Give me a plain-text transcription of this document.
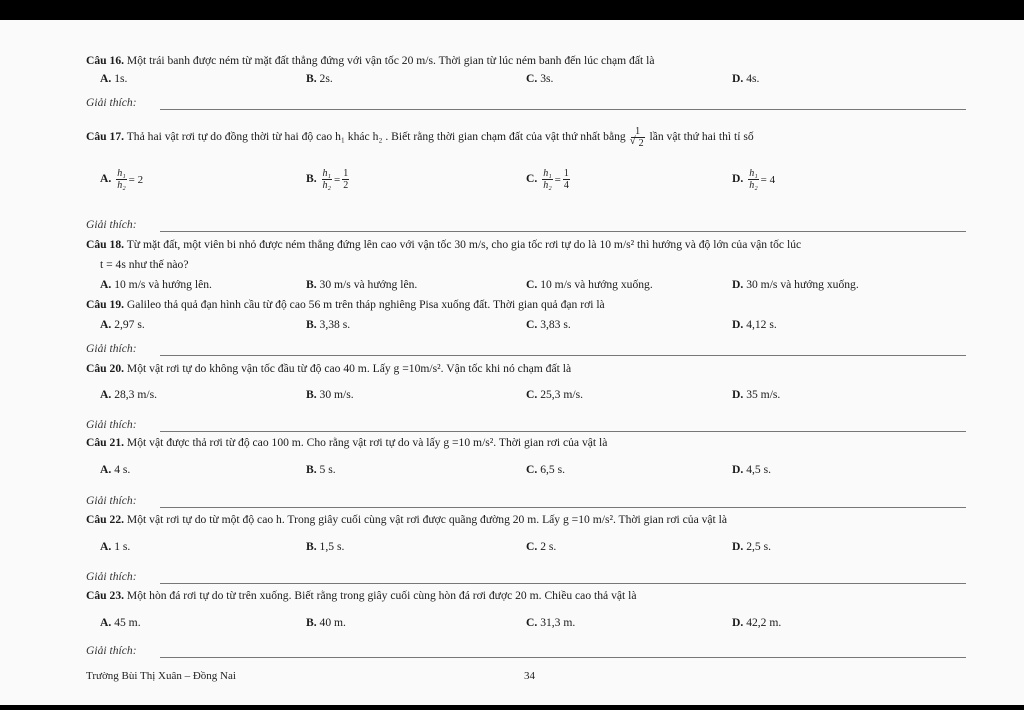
Câu 16. Một trái banh được ném từ mặt đất thẳng đứng với vận tốc 20 m/s. Thời gian từ lúc ném banh đến lúc chạm đất là
A. 1s.	B. 2s.	C. 3s.	D. 4s.
Giải thích:
Câu 17. Thả hai vật rơi tự do đồng thời từ hai độ cao h₁ khác h₂ . Biết rằng thời gian chạm đất của vật thứ nhất bằng 1
√ 2 lần vật thứ hai thì tỉ số
A. $\frac{\text{h₁}}{\text{h₂}} = 2$	B. $\frac{\text{h₁}}{\text{h₂}} = \frac{1}{2}$	C. $\frac{\text{h₁}}{\text{h₂}} = \frac{1}{4}$	D. $\frac{\text{h₁}}{\text{h₂}} = 4$
Giải thích:
Câu 18. Từ mặt đất, một viên bi nhỏ được ném thẳng đứng lên cao với vận tốc 30 m/s, cho gia tốc rơi tự do là 10 m/s² thì hướng và độ lớn của vận tốc lúc
t = 4s như thế nào?
A. 10 m/s và hướng lên.	B. 30 m/s và hướng lên.	C. 10 m/s và hướng xuống.	D. 30 m/s và hướng xuống.
Câu 19. Galileo thả quả đạn hình cầu từ độ cao 56 m trên tháp nghiêng Pisa xuống đất. Thời gian quả đạn rơi là
A. 2,97 s.	B. 3,38 s.	C. 3,83 s.	D. 4,12 s.
Giải thích:
Câu 20. Một vật rơi tự do không vận tốc đầu từ độ cao 40 m. Lấy g =10m/s². Vận tốc khi nó chạm đất là
A. 28,3 m/s.	B. 30 m/s.	C. 25,3 m/s.	D. 35 m/s.
Giải thích:
Câu 21. Một vật được thả rơi từ độ cao 100 m. Cho rằng vật rơi tự do và lấy g =10 m/s². Thời gian rơi của vật là
A. 4 s.	B. 5 s.	C. 6,5 s.	D. 4,5 s.
Giải thích:
Câu 22. Một vật rơi tự do từ một độ cao h. Trong giây cuối cùng vật rơi được quãng đường 20 m. Lấy g =10 m/s². Thời gian rơi của vật là
A. 1 s.	B. 1,5 s.	C. 2 s.	D. 2,5 s.
Giải thích:
Câu 23. Một hòn đá rơi tự do từ trên xuống. Biết rằng trong giây cuối cùng hòn đá rơi được 20 m. Chiều cao thả vật là
A. 45 m.	B. 40 m.	C. 31,3 m.	D. 42,2 m.
Giải thích:
Trường Bùi Thị Xuân – Đồng Nai	34
